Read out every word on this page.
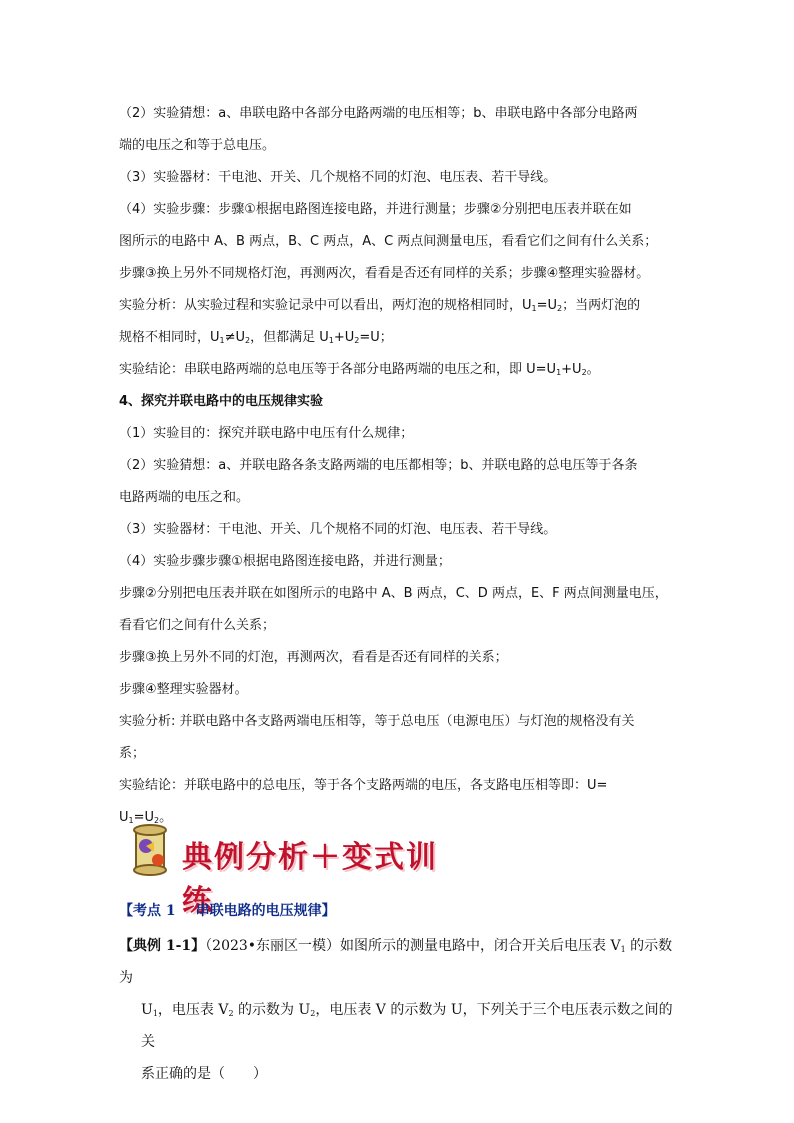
（2）实验猜想：a、串联电路中各部分电路两端的电压相等；b、串联电路中各部分电路两

端的电压之和等于总电压。

（3）实验器材：干电池、开关、几个规格不同的灯泡、电压表、若干导线。

（4）实验步骤：步骤①根据电路图连接电路，并进行测量；步骤②分别把电压表并联在如

图所示的电路中 A、B 两点，B、C 两点，A、C 两点间测量电压，看看它们之间有什么关系；

步骤③换上另外不同规格灯泡，再测两次，看看是否还有同样的关系；步骤④整理实验器材。

实验分析：从实验过程和实验记录中可以看出，两灯泡的规格相同时，$U_1=U_2$；当两灯泡的

规格不相同时，$U_1\ne U_2$，但都满足 $U_1+U_2=U$；

实验结论：串联电路两端的总电压等于各部分电路两端的电压之和，即 $U=U_1+U_2$。

4、探究并联电路中的电压规律实验

（1）实验目的：探究并联电路中电压有什么规律；

（2）实验猜想：a、并联电路各条支路两端的电压都相等；b、并联电路的总电压等于各条

电路两端的电压之和。

（3）实验器材：干电池、开关、几个规格不同的灯泡、电压表、若干导线。

（4）实验步骤步骤①根据电路图连接电路，并进行测量；

步骤②分别把电压表并联在如图所示的电路中 A、B 两点，C、D 两点，E、F 两点间测量电压，

看看它们之间有什么关系；

步骤③换上另外不同的灯泡，再测两次，看看是否还有同样的关系；

步骤④整理实验器材。

实验分析: 并联电路中各支路两端电压相等，等于总电压（电源电压）与灯泡的规格没有关

系；

实验结论：并联电路中的总电压，等于各个支路两端的电压，各支路电压相等即：U=

$U_1=U_2$。

典例分析＋变式训练
【考点 1 串联电路的电压规律】
【典例 1-1】（2023•东丽区一模）如图所示的测量电路中，闭合开关后电压表 $V_1$ 的示数为
$U_1$，电压表 $V_2$ 的示数为 $U_2$，电压表 V 的示数为 U，下列关于三个电压表示数之间的关
系正确的是（　　）
